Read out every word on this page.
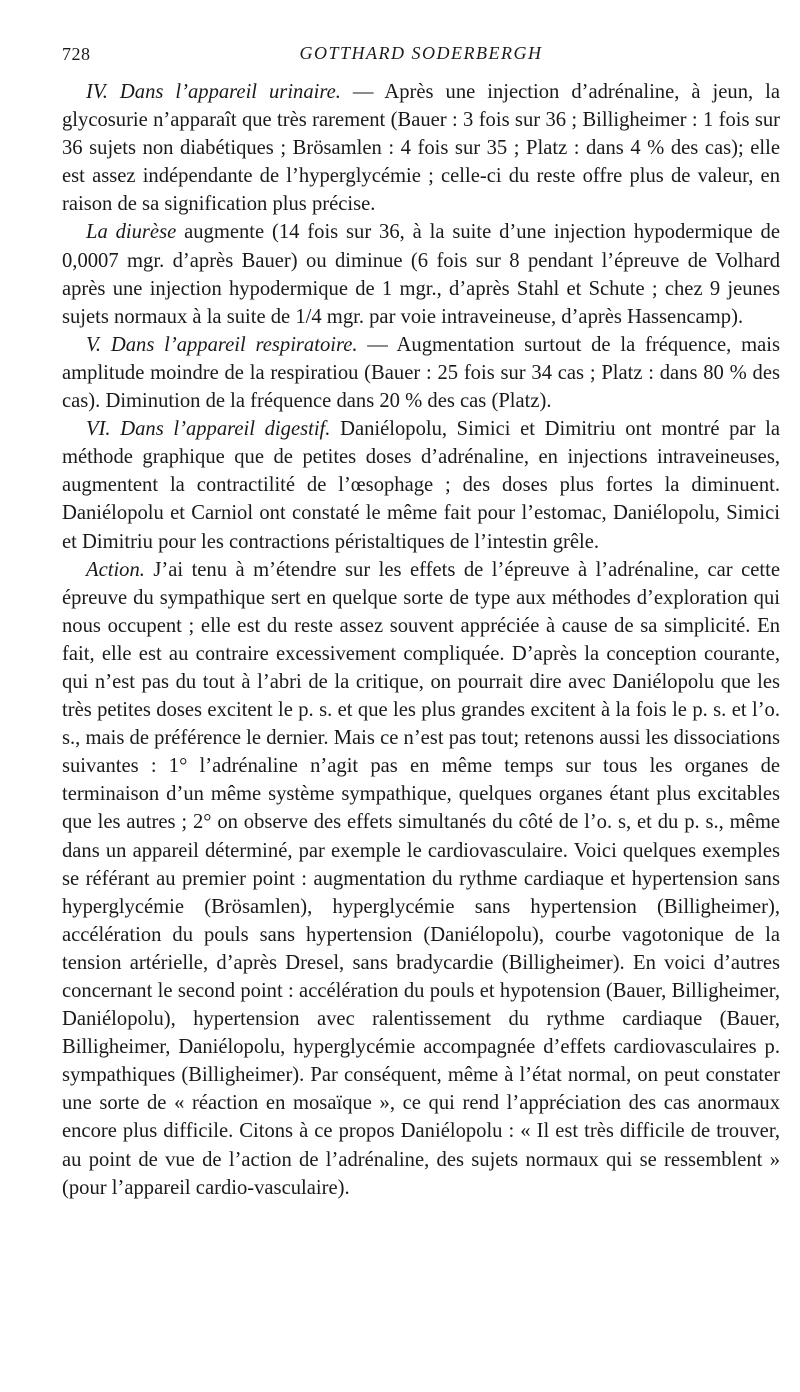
728	GOTTHARD SODERBERGH

IV. Dans l’appareil urinaire. — Après une injection d’adrénaline, à jeun, la glycosurie n’apparaît que très rarement (Bauer : 3 fois sur 36 ; Billigheimer : 1 fois sur 36 sujets non diabétiques ; Brösamlen : 4 fois sur 35 ; Platz : dans 4 % des cas); elle est assez indépendante de l’hyperglycémie ; celle-ci du reste offre plus de valeur, en raison de sa signification plus précise.

La diurèse augmente (14 fois sur 36, à la suite d’une injection hypodermique de 0,0007 mgr. d’après Bauer) ou diminue (6 fois sur 8 pendant l’épreuve de Volhard après une injection hypodermique de 1 mgr., d’après Stahl et Schute ; chez 9 jeunes sujets normaux à la suite de 1/4 mgr. par voie intraveineuse, d’après Hassencamp).

V. Dans l’appareil respiratoire. — Augmentation surtout de la fréquence, mais amplitude moindre de la respiratiou (Bauer : 25 fois sur 34 cas ; Platz : dans 80 % des cas). Diminution de la fréquence dans 20 % des cas (Platz).

VI. Dans l’appareil digestif. Daniélopolu, Simici et Dimitriu ont montré par la méthode graphique que de petites doses d’adrénaline, en injections intraveineuses, augmentent la contractilité de l’œsophage ; des doses plus fortes la diminuent. Daniélopolu et Carniol ont constaté le même fait pour l’estomac, Daniélopolu, Simici et Dimitriu pour les contractions péristaltiques de l’intestin grêle.

Action. J’ai tenu à m’étendre sur les effets de l’épreuve à l’adrénaline, car cette épreuve du sympathique sert en quelque sorte de type aux méthodes d’exploration qui nous occupent ; elle est du reste assez souvent appréciée à cause de sa simplicité. En fait, elle est au contraire excessivement compliquée. D’après la conception courante, qui n’est pas du tout à l’abri de la critique, on pourrait dire avec Daniélopolu que les très petites doses excitent le p. s. et que les plus grandes excitent à la fois le p. s. et l’o. s., mais de préférence le dernier. Mais ce n’est pas tout; retenons aussi les dissociations suivantes : 1° l’adrénaline n’agit pas en même temps sur tous les organes de terminaison d’un même système sympathique, quelques organes étant plus excitables que les autres ; 2° on observe des effets simultanés du côté de l’o. s, et du p. s., même dans un appareil déterminé, par exemple le cardiovasculaire. Voici quelques exemples se référant au premier point : augmentation du rythme cardiaque et hypertension sans hyperglycémie (Brösamlen), hyperglycémie sans hypertension (Billigheimer), accélération du pouls sans hypertension (Daniélopolu), courbe vagotonique de la tension artérielle, d’après Dresel, sans bradycardie (Billigheimer). En voici d’autres concernant le second point : accélération du pouls et hypotension (Bauer, Billigheimer, Daniélopolu), hypertension avec ralentissement du rythme cardiaque (Bauer, Billigheimer, Daniélopolu, hyperglycémie accompagnée d’effets cardiovasculaires p. sympathiques (Billigheimer). Par conséquent, même à l’état normal, on peut constater une sorte de « réaction en mosaïque », ce qui rend l’appréciation des cas anormaux encore plus difficile. Citons à ce propos Daniélopolu : « Il est très difficile de trouver, au point de vue de l’action de l’adrénaline, des sujets normaux qui se ressemblent » (pour l’appareil cardio-vasculaire).
